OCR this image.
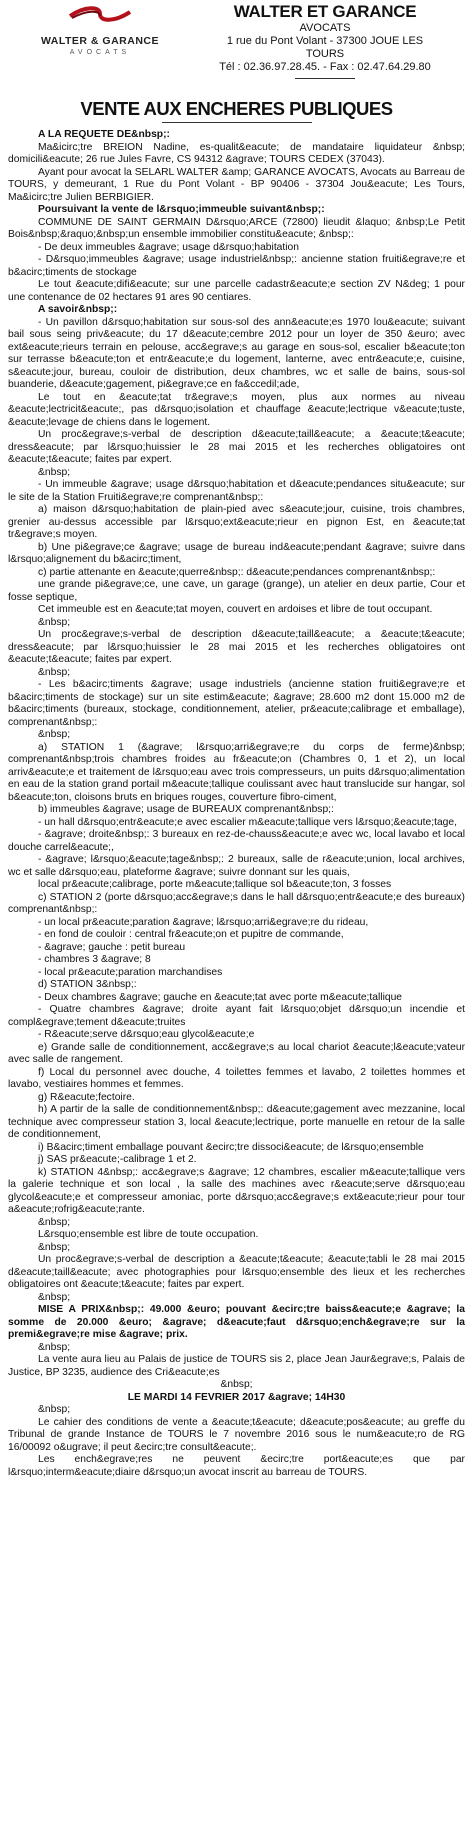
WALTER & GARANCE
AVOCATS
WALTER ET GARANCE
AVOCATS
1 rue du Pont Volant - 37300 JOUE LES
TOURS
Tél : 02.36.97.28.45. - Fax : 02.47.64.29.80
VENTE AUX ENCHERES PUBLIQUES

A LA REQUETE DE&nbsp;:

Ma&icirc;tre BREION Nadine, es-qualit&eacute; de mandataire liquidateur &nbsp; domicili&eacute; 26 rue Jules Favre, CS 94312 &agrave; TOURS CEDEX (37043).

Ayant pour avocat la SELARL WALTER &amp; GARANCE AVOCATS, Avocats au Barreau de TOURS, y demeurant, 1 Rue du Pont Volant - BP 90406 - 37304 Jou&eacute; Les Tours, Ma&icirc;tre Julien BERBIGIER.

Poursuivant la vente de l&rsquo;immeuble suivant&nbsp;:

COMMUNE DE SAINT GERMAIN D&rsquo;ARCE (72800) lieudit &laquo; &nbsp;Le Petit Bois&nbsp;&raquo;&nbsp;un ensemble immobilier constitu&eacute; &nbsp;:

- De deux immeubles &agrave; usage d&rsquo;habitation

- D&rsquo;immeubles &agrave; usage industriel&nbsp;: ancienne station fruiti&egrave;re et b&acirc;timents de stockage

Le tout &eacute;difi&eacute; sur une parcelle cadastr&eacute;e section ZV N&deg; 1 pour une contenance de 02 hectares 91 ares 90 centiares.

A savoir&nbsp;:

- Un pavillon d&rsquo;habitation sur sous-sol des ann&eacute;es 1970 lou&eacute; suivant bail sous seing priv&eacute; du 17 d&eacute;cembre 2012 pour un loyer de 350 &euro; avec ext&eacute;rieurs terrain en pelouse, acc&egrave;s au garage en sous-sol, escalier b&eacute;ton sur terrasse b&eacute;ton et entr&eacute;e du logement, lanterne, avec entr&eacute;e, cuisine, s&eacute;jour, bureau, couloir de distribution, deux chambres, wc et salle de bains, sous-sol buanderie, d&eacute;gagement, pi&egrave;ce en fa&ccedil;ade,

Le tout en &eacute;tat tr&egrave;s moyen, plus aux normes au niveau &eacute;lectricit&eacute;, pas d&rsquo;isolation et chauffage &eacute;lectrique v&eacute;tuste, &eacute;levage de chiens dans le logement.

Un proc&egrave;s-verbal de description d&eacute;taill&eacute; a &eacute;t&eacute; dress&eacute; par l&rsquo;huissier le 28 mai 2015 et les recherches obligatoires ont &eacute;t&eacute; faites par expert.

&nbsp;

- Un immeuble &agrave; usage d&rsquo;habitation et d&eacute;pendances situ&eacute; sur le site de la Station Fruiti&egrave;re comprenant&nbsp;:

a) maison d&rsquo;habitation de plain-pied avec s&eacute;jour, cuisine, trois chambres, grenier au-dessus accessible par l&rsquo;ext&eacute;rieur en pignon Est, en &eacute;tat tr&egrave;s moyen.

b) Une pi&egrave;ce &agrave; usage de bureau ind&eacute;pendant &agrave; suivre dans l&rsquo;alignement du b&acirc;timent,

c) partie attenante en &eacute;querre&nbsp;: d&eacute;pendances comprenant&nbsp;:

une grande pi&egrave;ce, une cave, un garage (grange), un atelier en deux partie, Cour et fosse septique,

Cet immeuble est en &eacute;tat moyen, couvert en ardoises et libre de tout occupant.

&nbsp;

Un proc&egrave;s-verbal de description d&eacute;taill&eacute; a &eacute;t&eacute; dress&eacute; par l&rsquo;huissier le 28 mai 2015 et les recherches obligatoires ont &eacute;t&eacute; faites par expert.

&nbsp;

- Les b&acirc;timents &agrave; usage industriels (ancienne station fruiti&egrave;re et b&acirc;timents de stockage) sur un site estim&eacute; &agrave; 28.600 m2 dont 15.000 m2 de b&acirc;timents (bureaux, stockage, conditionnement, atelier, pr&eacute;calibrage et emballage), comprenant&nbsp;:

&nbsp;

a) STATION 1 (&agrave; l&rsquo;arri&egrave;re du corps de ferme)&nbsp; comprenant&nbsp;trois chambres froides au fr&eacute;on (Chambres 0, 1 et 2), un local arriv&eacute;e et traitement de l&rsquo;eau avec trois compresseurs, un puits d&rsquo;alimentation en eau de la station grand portail m&eacute;tallique coulissant avec haut translucide sur hangar, sol b&eacute;ton, cloisons bruts en briques rouges, couverture fibro-ciment,

b) immeubles &agrave; usage de BUREAUX comprenant&nbsp;:

- un hall d&rsquo;entr&eacute;e avec escalier m&eacute;tallique vers l&rsquo;&eacute;tage,

- &agrave; droite&nbsp;: 3 bureaux en rez-de-chauss&eacute;e avec wc, local lavabo et local douche carrel&eacute;,

- &agrave; l&rsquo;&eacute;tage&nbsp;: 2 bureaux, salle de r&eacute;union, local archives, wc et salle d&rsquo;eau, plateforme &agrave; suivre donnant sur les quais,

local pr&eacute;calibrage, porte m&eacute;tallique sol b&eacute;ton, 3 fosses

c) STATION 2 (porte d&rsquo;acc&egrave;s dans le hall d&rsquo;entr&eacute;e des bureaux) comprenant&nbsp;:

- un local pr&eacute;paration &agrave; l&rsquo;arri&egrave;re du rideau,

- en fond de couloir : central fr&eacute;on et pupitre de commande,

- &agrave; gauche : petit bureau

- chambres 3 &agrave; 8

- local pr&eacute;paration marchandises

d) STATION 3&nbsp;:

- Deux chambres &agrave; gauche en &eacute;tat avec porte m&eacute;tallique

- Quatre chambres &agrave; droite ayant fait l&rsquo;objet d&rsquo;un incendie et compl&egrave;tement d&eacute;truites

- R&eacute;serve d&rsquo;eau glycol&eacute;e

e) Grande salle de conditionnement, acc&egrave;s au local chariot &eacute;l&eacute;vateur avec salle de rangement.

f) Local du personnel avec douche, 4 toilettes femmes et lavabo, 2 toilettes hommes et lavabo, vestiaires hommes et femmes.

g) R&eacute;fectoire.

h) A partir de la salle de conditionnement&nbsp;: d&eacute;gagement avec mezzanine, local technique avec compresseur station 3, local &eacute;lectrique, porte manuelle en retour de la salle de conditionnement,

i) B&acirc;timent emballage pouvant &ecirc;tre dissoci&eacute; de l&rsquo;ensemble

j) SAS pr&eacute;-calibrage 1 et 2.

k) STATION 4&nbsp;: acc&egrave;s &agrave; 12 chambres, escalier m&eacute;tallique vers la galerie technique et son local , la salle des machines avec r&eacute;serve d&rsquo;eau glycol&eacute;e et compresseur amoniac, porte d&rsquo;acc&egrave;s ext&eacute;rieur pour tour a&eacute;rofrig&eacute;rante.

&nbsp;

L&rsquo;ensemble est libre de toute occupation.

&nbsp;

Un proc&egrave;s-verbal de description a &eacute;t&eacute; &eacute;tabli le 28 mai 2015 d&eacute;taill&eacute; avec photographies pour l&rsquo;ensemble des lieux et les recherches obligatoires ont &eacute;t&eacute; faites par expert.

&nbsp;

MISE A PRIX&nbsp;: 49.000 &euro; pouvant &ecirc;tre baiss&eacute;e &agrave; la somme de 20.000 &euro; &agrave; d&eacute;faut d&rsquo;ench&egrave;re sur la premi&egrave;re mise &agrave; prix.

&nbsp;

La vente aura lieu au Palais de justice de TOURS sis 2, place Jean Jaur&egrave;s, Palais de Justice, BP 3235, audience des Cri&eacute;es

&nbsp;

LE MARDI 14 FEVRIER 2017 &agrave; 14H30

&nbsp;

Le cahier des conditions de vente a &eacute;t&eacute; d&eacute;pos&eacute; au greffe du Tribunal de grande Instance de TOURS le 7 novembre 2016 sous le num&eacute;ro de RG 16/00092 o&ugrave; il peut &ecirc;tre consult&eacute;.

Les ench&egrave;res ne peuvent &ecirc;tre port&eacute;es que par l&rsquo;interm&eacute;diaire d&rsquo;un avocat inscrit au barreau de TOURS.
